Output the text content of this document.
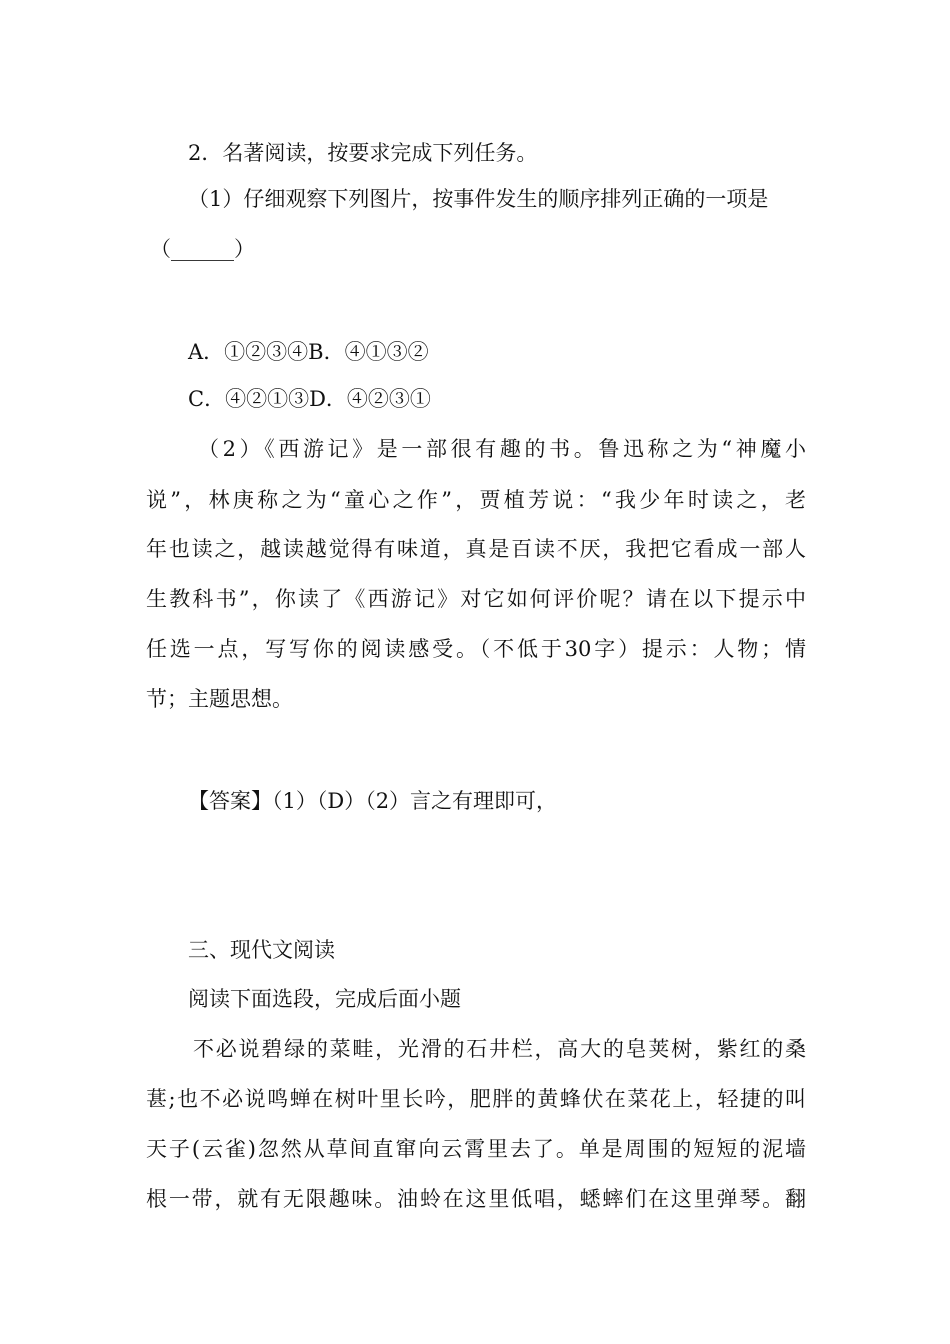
2．名著阅读，按要求完成下列任务。
（1）仔细观察下列图片，按事件发生的顺序排列正确的一项是
（______）
A．①②③④B．④①③②
C．④②①③D．④②③①
（2）《西游记》是一部很有趣的书。鲁迅称之为“神魔小
说”，林庚称之为“童心之作”，贾植芳说：“我少年时读之，老
年也读之，越读越觉得有味道，真是百读不厌，我把它看成一部人
生教科书”，你读了《西游记》对它如何评价呢？请在以下提示中
任选一点，写写你的阅读感受。（不低于30字）提示：人物；情
节；主题思想。
【答案】（1）（D）（2）言之有理即可，
三、现代文阅读
阅读下面选段，完成后面小题
不必说碧绿的菜畦，光滑的石井栏，高大的皂荚树，紫红的桑
葚;也不必说鸣蝉在树叶里长吟，肥胖的黄蜂伏在菜花上，轻捷的叫
天子(云雀)忽然从草间直窜向云霄里去了。单是周围的短短的泥墙
根一带，就有无限趣味。油蛉在这里低唱，蟋蟀们在这里弹琴。翻
